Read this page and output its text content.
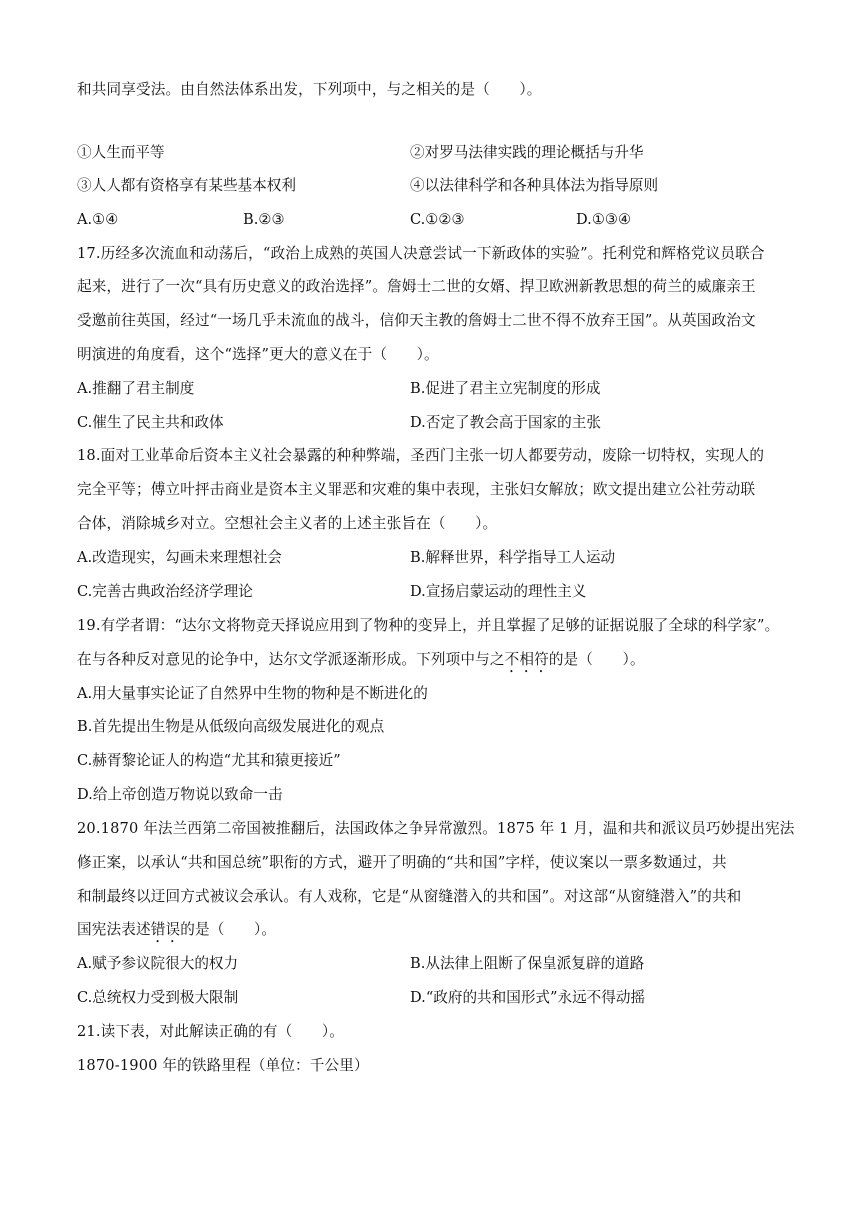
和共同享受法。由自然法体系出发，下列项中，与之相关的是（　　）。
①人生而平等	②对罗马法律实践的理论概括与升华
③人人都有资格享有某些基本权利	④以法律科学和各种具体法为指导原则
A.①④	B.②③	C.①②③	D.①③④
17.历经多次流血和动荡后，“政治上成熟的英国人决意尝试一下新政体的实验”。托利党和辉格党议员联合
起来，进行了一次“具有历史意义的政治选择”。詹姆士二世的女婿、捍卫欧洲新教思想的荷兰的威廉亲王
受邀前往英国，经过“一场几乎未流血的战斗，信仰天主教的詹姆士二世不得不放弃王国”。从英国政治文
明演进的角度看，这个“选择”更大的意义在于（　　）。
A.推翻了君主制度	B.促进了君主立宪制度的形成
C.催生了民主共和政体	D.否定了教会高于国家的主张
18.面对工业革命后资本主义社会暴露的种种弊端，圣西门主张一切人都要劳动，废除一切特权，实现人的
完全平等；傅立叶抨击商业是资本主义罪恶和灾难的集中表现，主张妇女解放；欧文提出建立公社劳动联
合体，消除城乡对立。空想社会主义者的上述主张旨在（　　）。
A.改造现实，勾画未来理想社会	B.解释世界，科学指导工人运动
C.完善古典政治经济学理论	D.宣扬启蒙运动的理性主义
19.有学者谓：“达尔文将物竞天择说应用到了物种的变异上，并且掌握了足够的证据说服了全球的科学家”。
在与各种反对意见的论争中，达尔文学派逐渐形成。下列项中与之不相符的是（　　）。
A.用大量事实论证了自然界中生物的物种是不断进化的
B.首先提出生物是从低级向高级发展进化的观点
C.赫胥黎论证人的构造“尤其和猿更接近”
D.给上帝创造万物说以致命一击
20.1870 年法兰西第二帝国被推翻后，法国政体之争异常激烈。1875 年 1 月，温和共和派议员巧妙提出宪法
修正案，以承认“共和国总统”职衔的方式，避开了明确的“共和国”字样，使议案以一票多数通过，共
和制最终以迂回方式被议会承认。有人戏称，它是“从窗缝潜入的共和国”。对这部“从窗缝潜入”的共和
国宪法表述错误的是（　　）。
A.赋予参议院很大的权力	B.从法律上阻断了保皇派复辟的道路
C.总统权力受到极大限制	D.“政府的共和国形式”永远不得动摇
21.读下表，对此解读正确的有（　　）。
1870-1900 年的铁路里程（单位：千公里）
